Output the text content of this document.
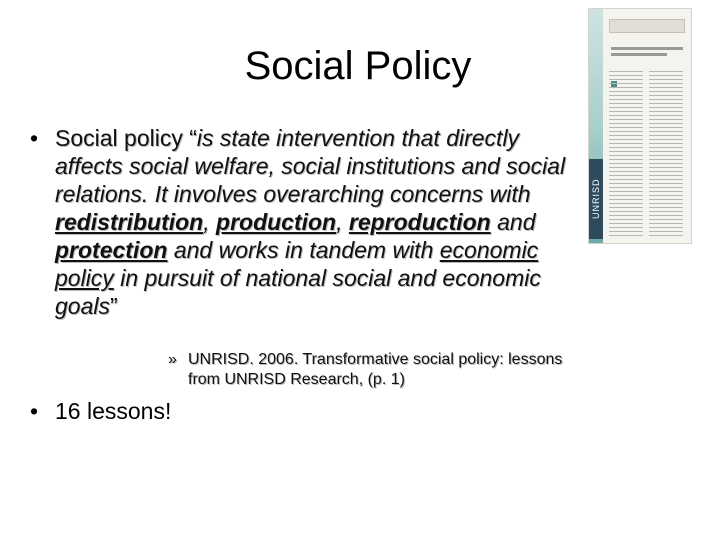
Social Policy
• Social policy “is state intervention that directly affects social welfare, social institutions and social relations. It involves overarching concerns with redistribution, production, reproduction and protection and works in tandem with economic policy in pursuit of national social and economic goals”
» UNRISD. 2006. Transformative social policy: lessons from UNRISD Research, (p. 1)
• 16 lessons!
UNRISD
